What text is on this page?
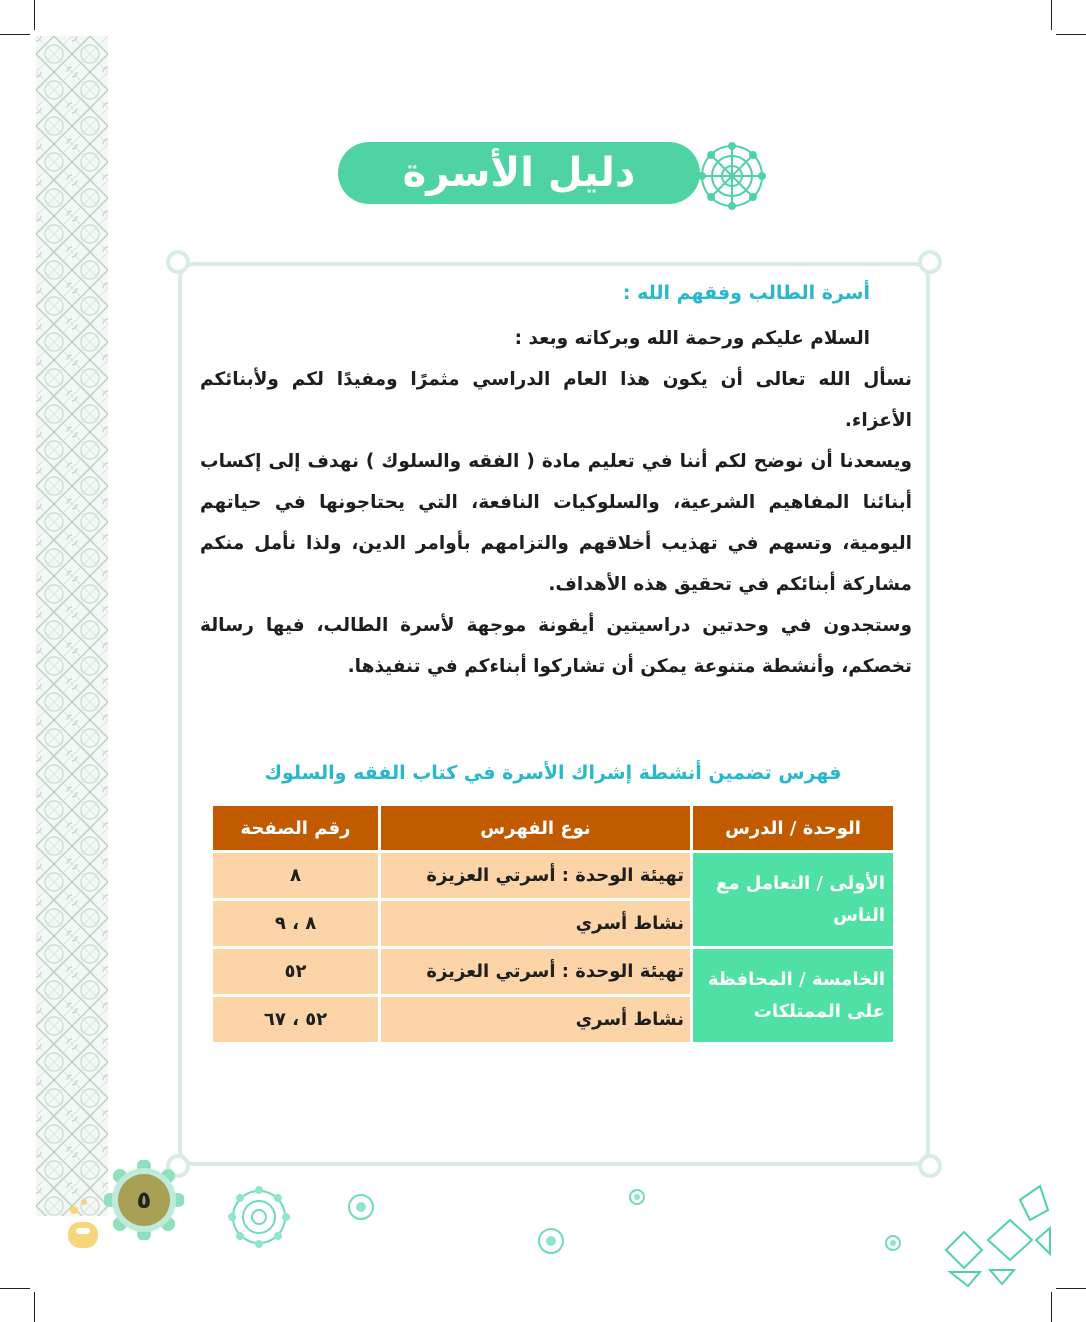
دليل الأسرة

أسرة الطالب وفقهم الله :

السلام عليكم ورحمة الله وبركاته وبعد :

نسأل الله تعالى أن يكون هذا العام الدراسي مثمرًا ومفيدًا لكم ولأبنائكم الأعزاء.

ويسعدنا أن نوضح لكم أننا في تعليم مادة ( الفقه والسلوك ) نهدف إلى إكساب أبنائنا المفاهيم الشرعية، والسلوكيات النافعة، التي يحتاجونها في حياتهم اليومية، وتسهم في تهذيب أخلاقهم والتزامهم بأوامر الدين، ولذا نأمل منكم مشاركة أبنائكم في تحقيق هذه الأهداف.

وستجدون في وحدتين دراسيتين أيقونة موجهة لأسرة الطالب، فيها رسالة تخصكم، وأنشطة متنوعة يمكن أن تشاركوا أبناءكم في تنفيذها.

فهرس تضمين أنشطة إشراك الأسرة في كتاب الفقه والسلوك
الوحدة / الدرس	نوع الفهرس	رقم الصفحة
الأولى / التعامل مع الناس	تهيئة الوحدة : أسرتي العزيزة	٨
	نشاط أسري	٨ ، ٩
الخامسة / المحافظة على الممتلكات	تهيئة الوحدة : أسرتي العزيزة	٥٢
	نشاط أسري	٥٢ ، ٦٧
٥
